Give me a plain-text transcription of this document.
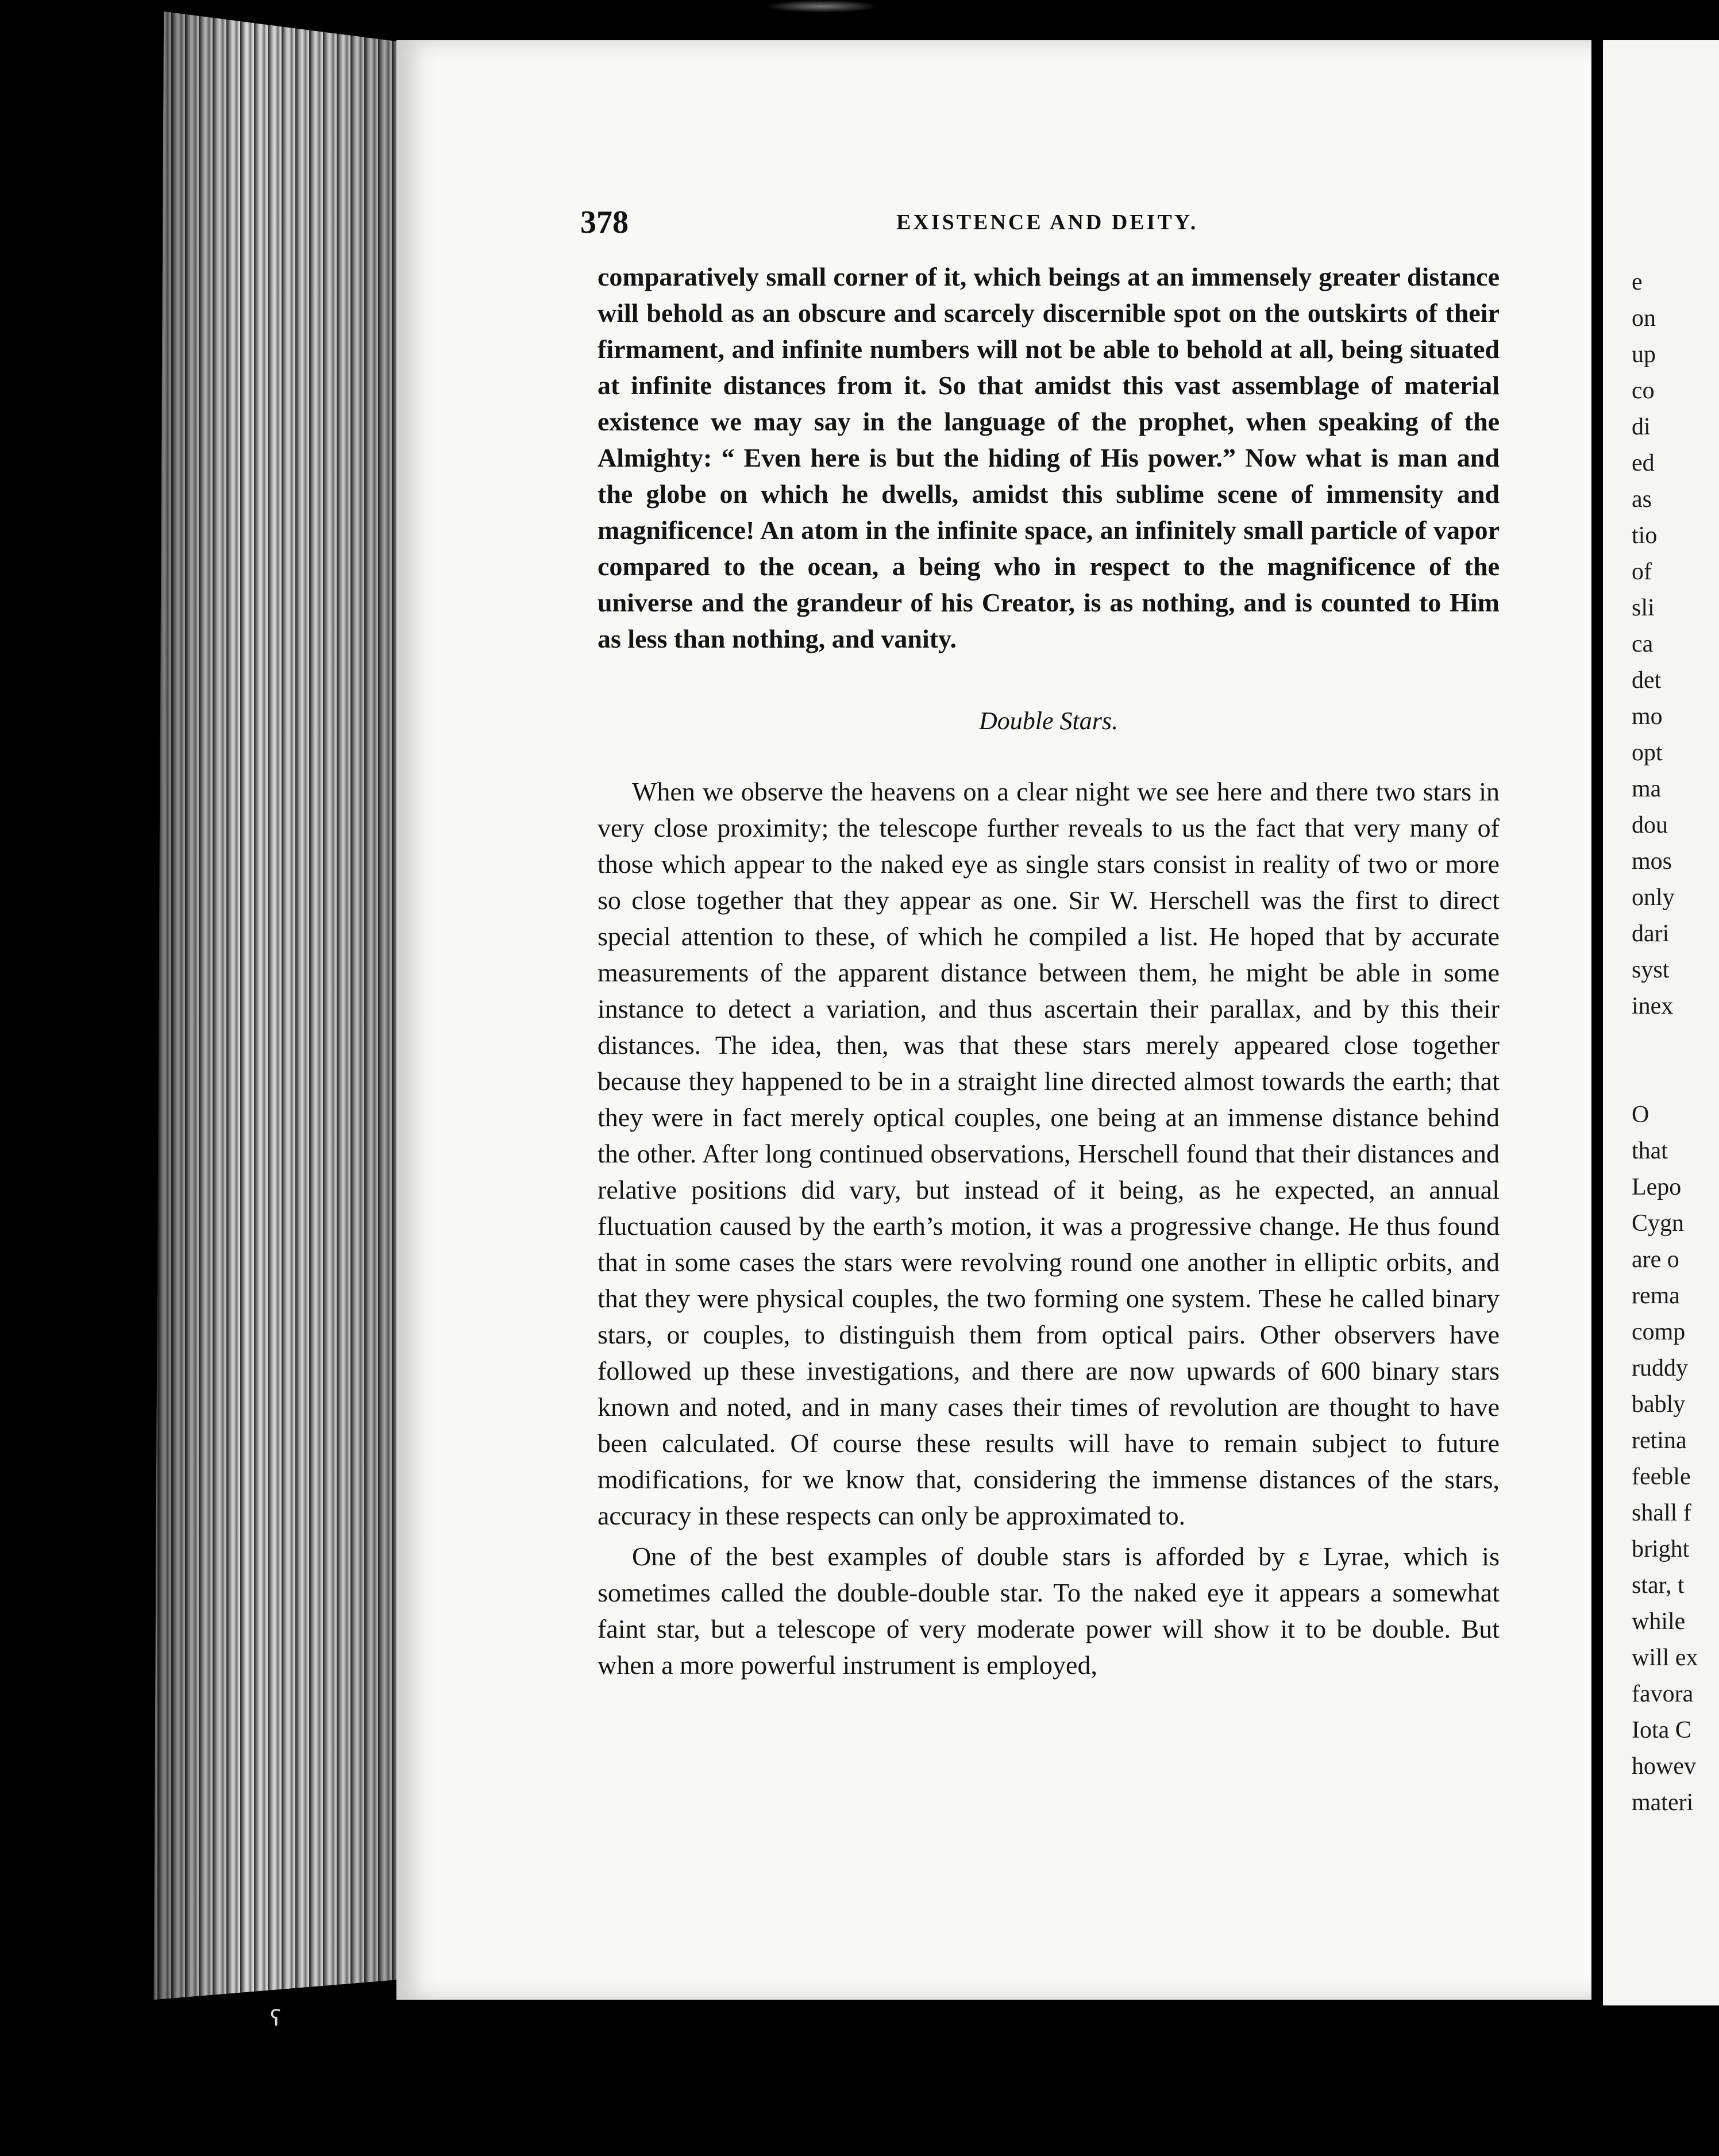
378	EXISTENCE AND DEITY.

comparatively small corner of it, which beings at an immensely greater distance will behold as an obscure and scarcely discernible spot on the outskirts of their firmament, and infinite numbers will not be able to behold at all, being situated at infinite distances from it. So that amidst this vast assemblage of material existence we may say in the language of the prophet, when speaking of the Almighty: “ Even here is but the hiding of His power.” Now what is man and the globe on which he dwells, amidst this sublime scene of immensity and magnificence! An atom in the infinite space, an infinitely small particle of vapor compared to the ocean, a being who in respect to the magnificence of the universe and the grandeur of his Creator, is as nothing, and is counted to Him as less than nothing, and vanity.

Double Stars.

When we observe the heavens on a clear night we see here and there two stars in very close proximity; the telescope further reveals to us the fact that very many of those which appear to the naked eye as single stars consist in reality of two or more so close together that they appear as one. Sir W. Herschell was the first to direct special attention to these, of which he compiled a list. He hoped that by accurate measurements of the apparent distance between them, he might be able in some instance to detect a variation, and thus ascertain their parallax, and by this their distances. The idea, then, was that these stars merely appeared close together because they happened to be in a straight line directed almost towards the earth; that they were in fact merely optical couples, one being at an immense distance behind the other. After long continued observations, Herschell found that their distances and relative positions did vary, but instead of it being, as he expected, an annual fluctuation caused by the earth’s motion, it was a progressive change. He thus found that in some cases the stars were revolving round one another in elliptic orbits, and that they were physical couples, the two forming one system. These he called binary stars, or couples, to distinguish them from optical pairs. Other observers have followed up these investigations, and there are now upwards of 600 binary stars known and noted, and in many cases their times of revolution are thought to have been calculated. Of course these results will have to remain subject to future modifications, for we know that, considering the immense distances of the stars, accuracy in these respects can only be approximated to.

One of the best examples of double stars is afforded by ε Lyrae, which is sometimes called the double-double star. To the naked eye it appears a somewhat faint star, but a telescope of very moderate power will show it to be double. But when a more powerful instrument is employed,

e
on
up
co
di
ed
as
tio
of
sli
ca
det
mo
opt
ma
dou
mos
only
dari
syst
inex
O
that
Lepo
Cygn
are o
rema
comp
ruddy
bably
retina
feeble
shall f
bright
star, t
while
will ex
favora
Iota C
howev
materi
ʕ
